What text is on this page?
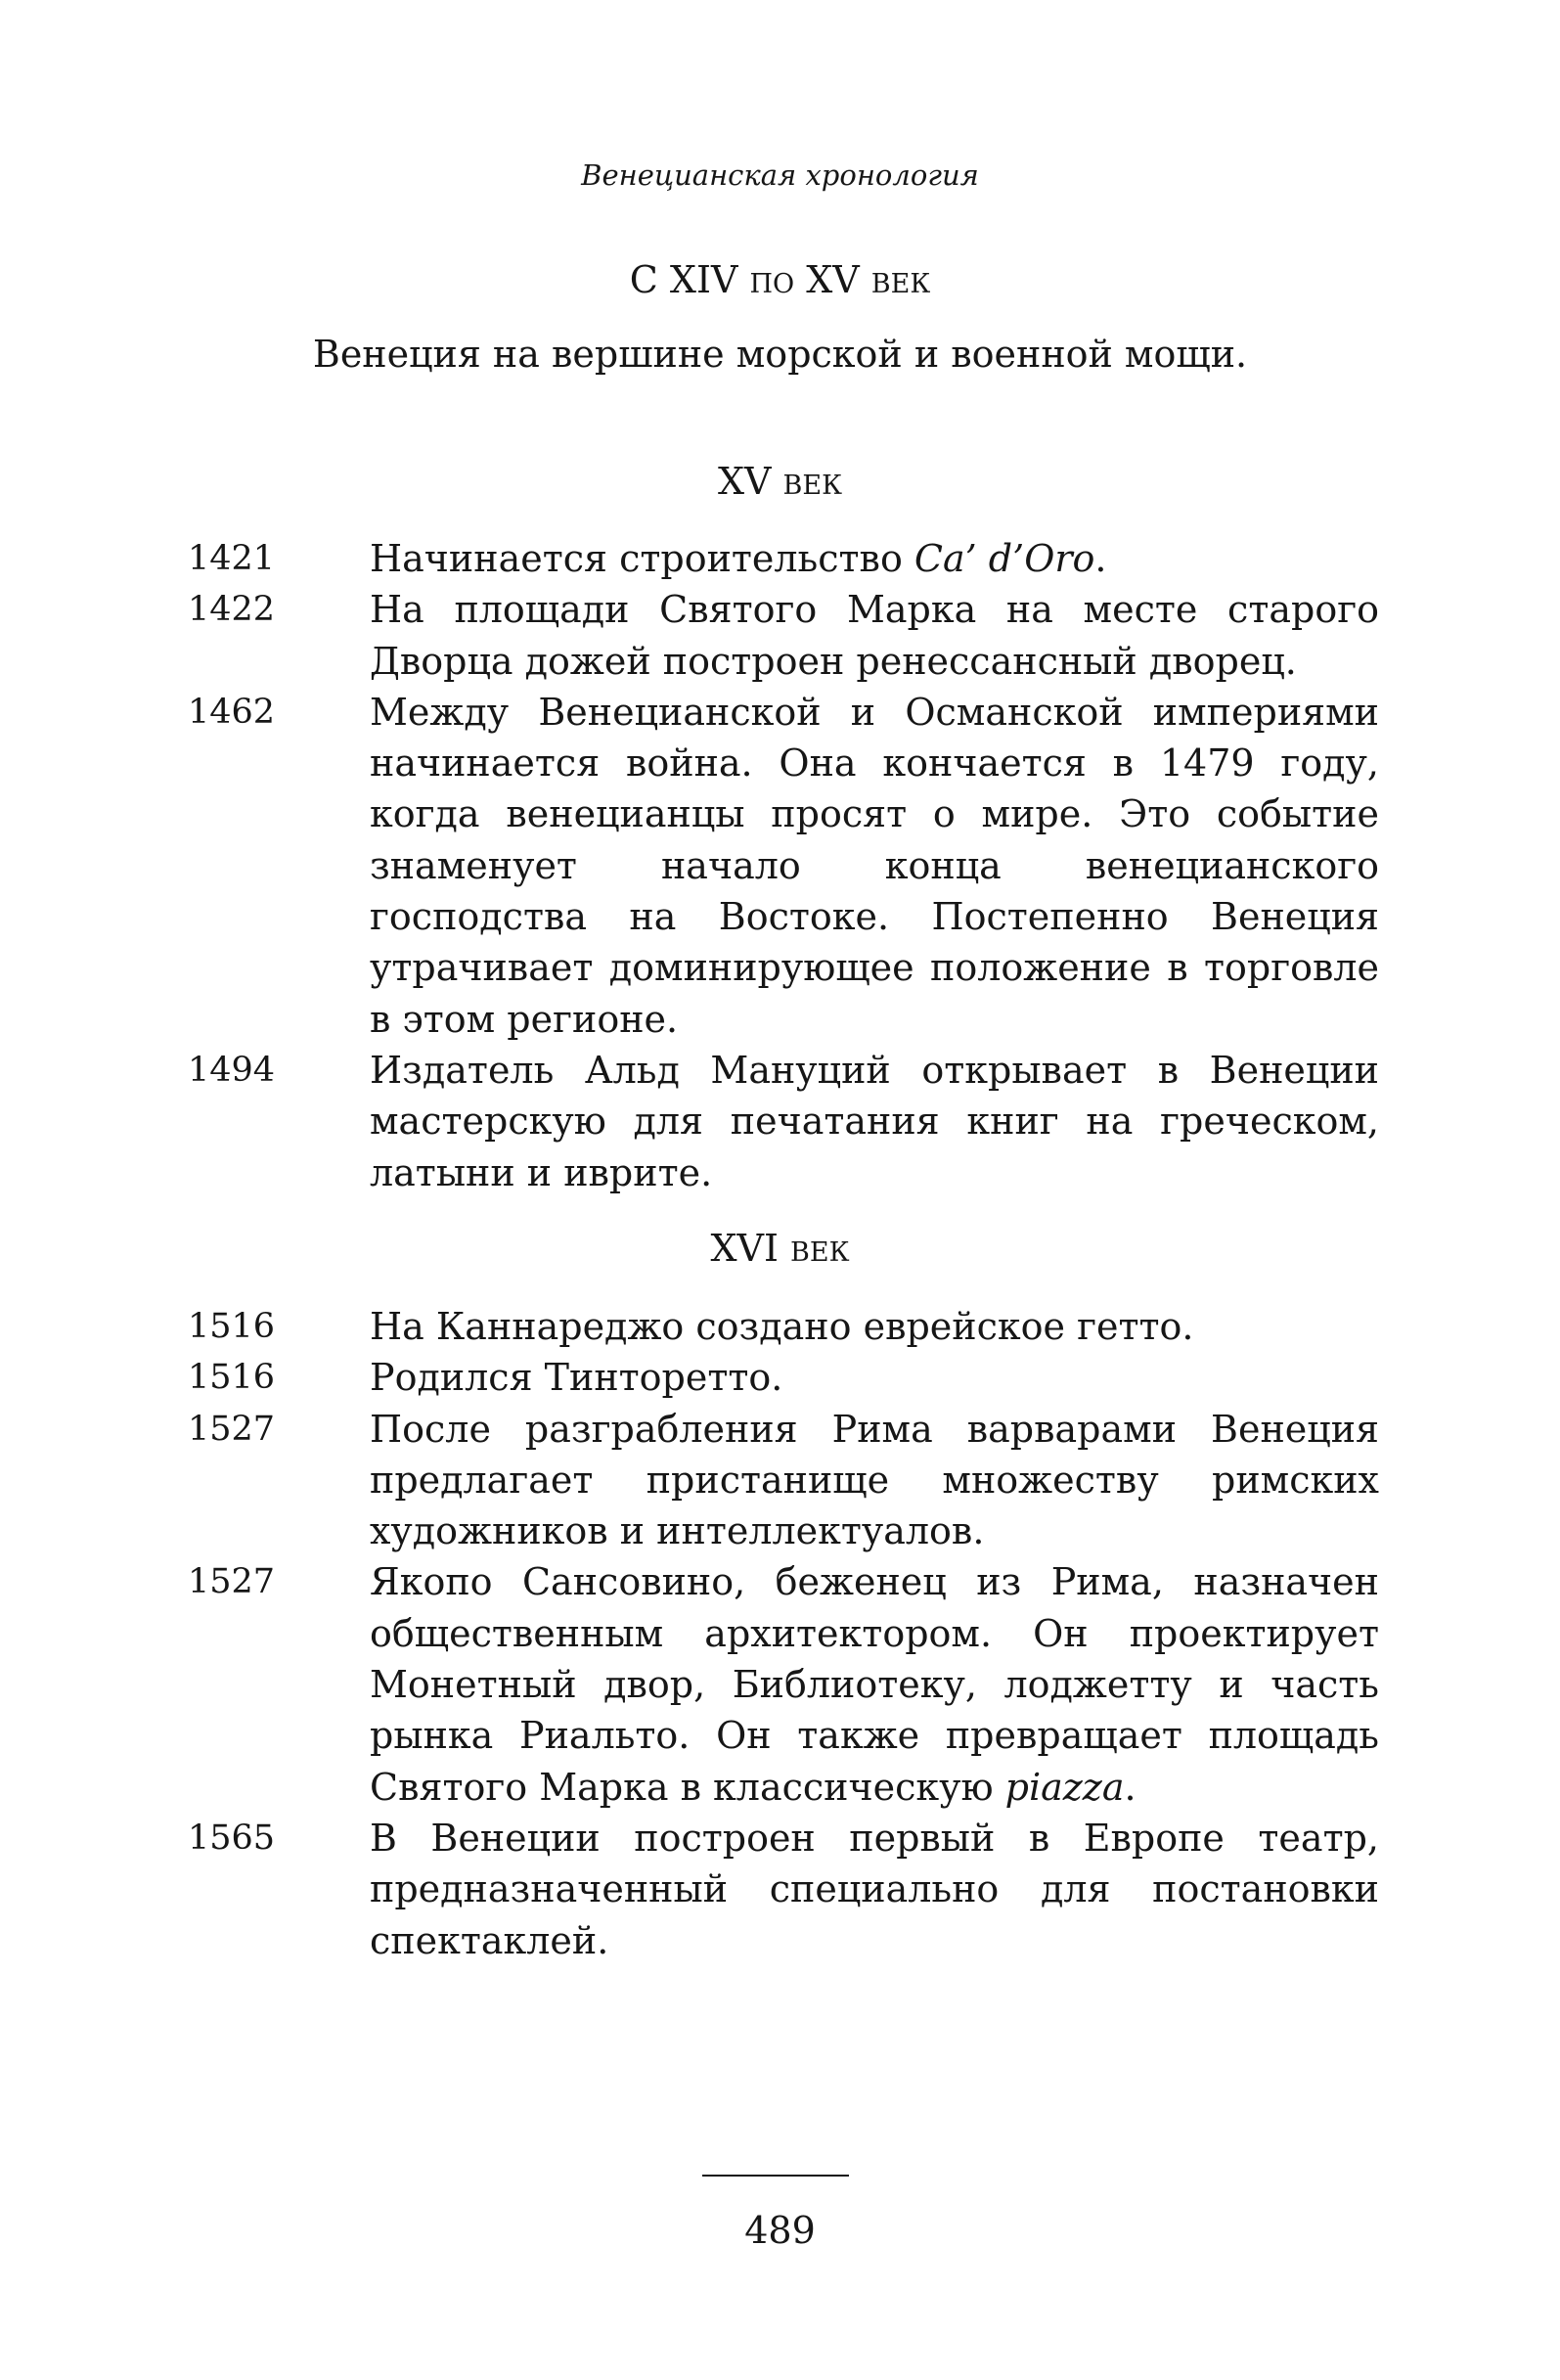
Венецианская хронология
С XIV по XV век
Венеция на вершине морской и военной мощи.
XV век
1421	Начинается строительство Ca’ d’Oro.
1422	На площади Святого Марка на месте старого Дворца дожей построен ренессансный дворец.
1462	Между Венецианской и Османской империями начинается война. Она кончается в 1479 году, когда венецианцы просят о мире. Это событие знаменует начало конца венецианского господства на Востоке. Постепенно Венеция утрачивает доминирующее положение в торговле в этом регионе.
1494	Издатель Альд Мануций открывает в Венеции мастерскую для печатания книг на греческом, латыни и иврите.
XVI век
1516	На Каннареджо создано еврейское гетто.
1516	Родился Тинторетто.
1527	После разграбления Рима варварами Венеция предлагает пристанище множеству римских художников и интеллектуалов.
1527	Якопо Сансовино, беженец из Рима, назначен общественным архитектором. Он проектирует Монетный двор, Библиотеку, лоджетту и часть рынка Риальто. Он также превращает площадь Святого Марка в классическую piazza.
1565	В Венеции построен первый в Европе театр, предназначенный специально для постановки спектаклей.
489
